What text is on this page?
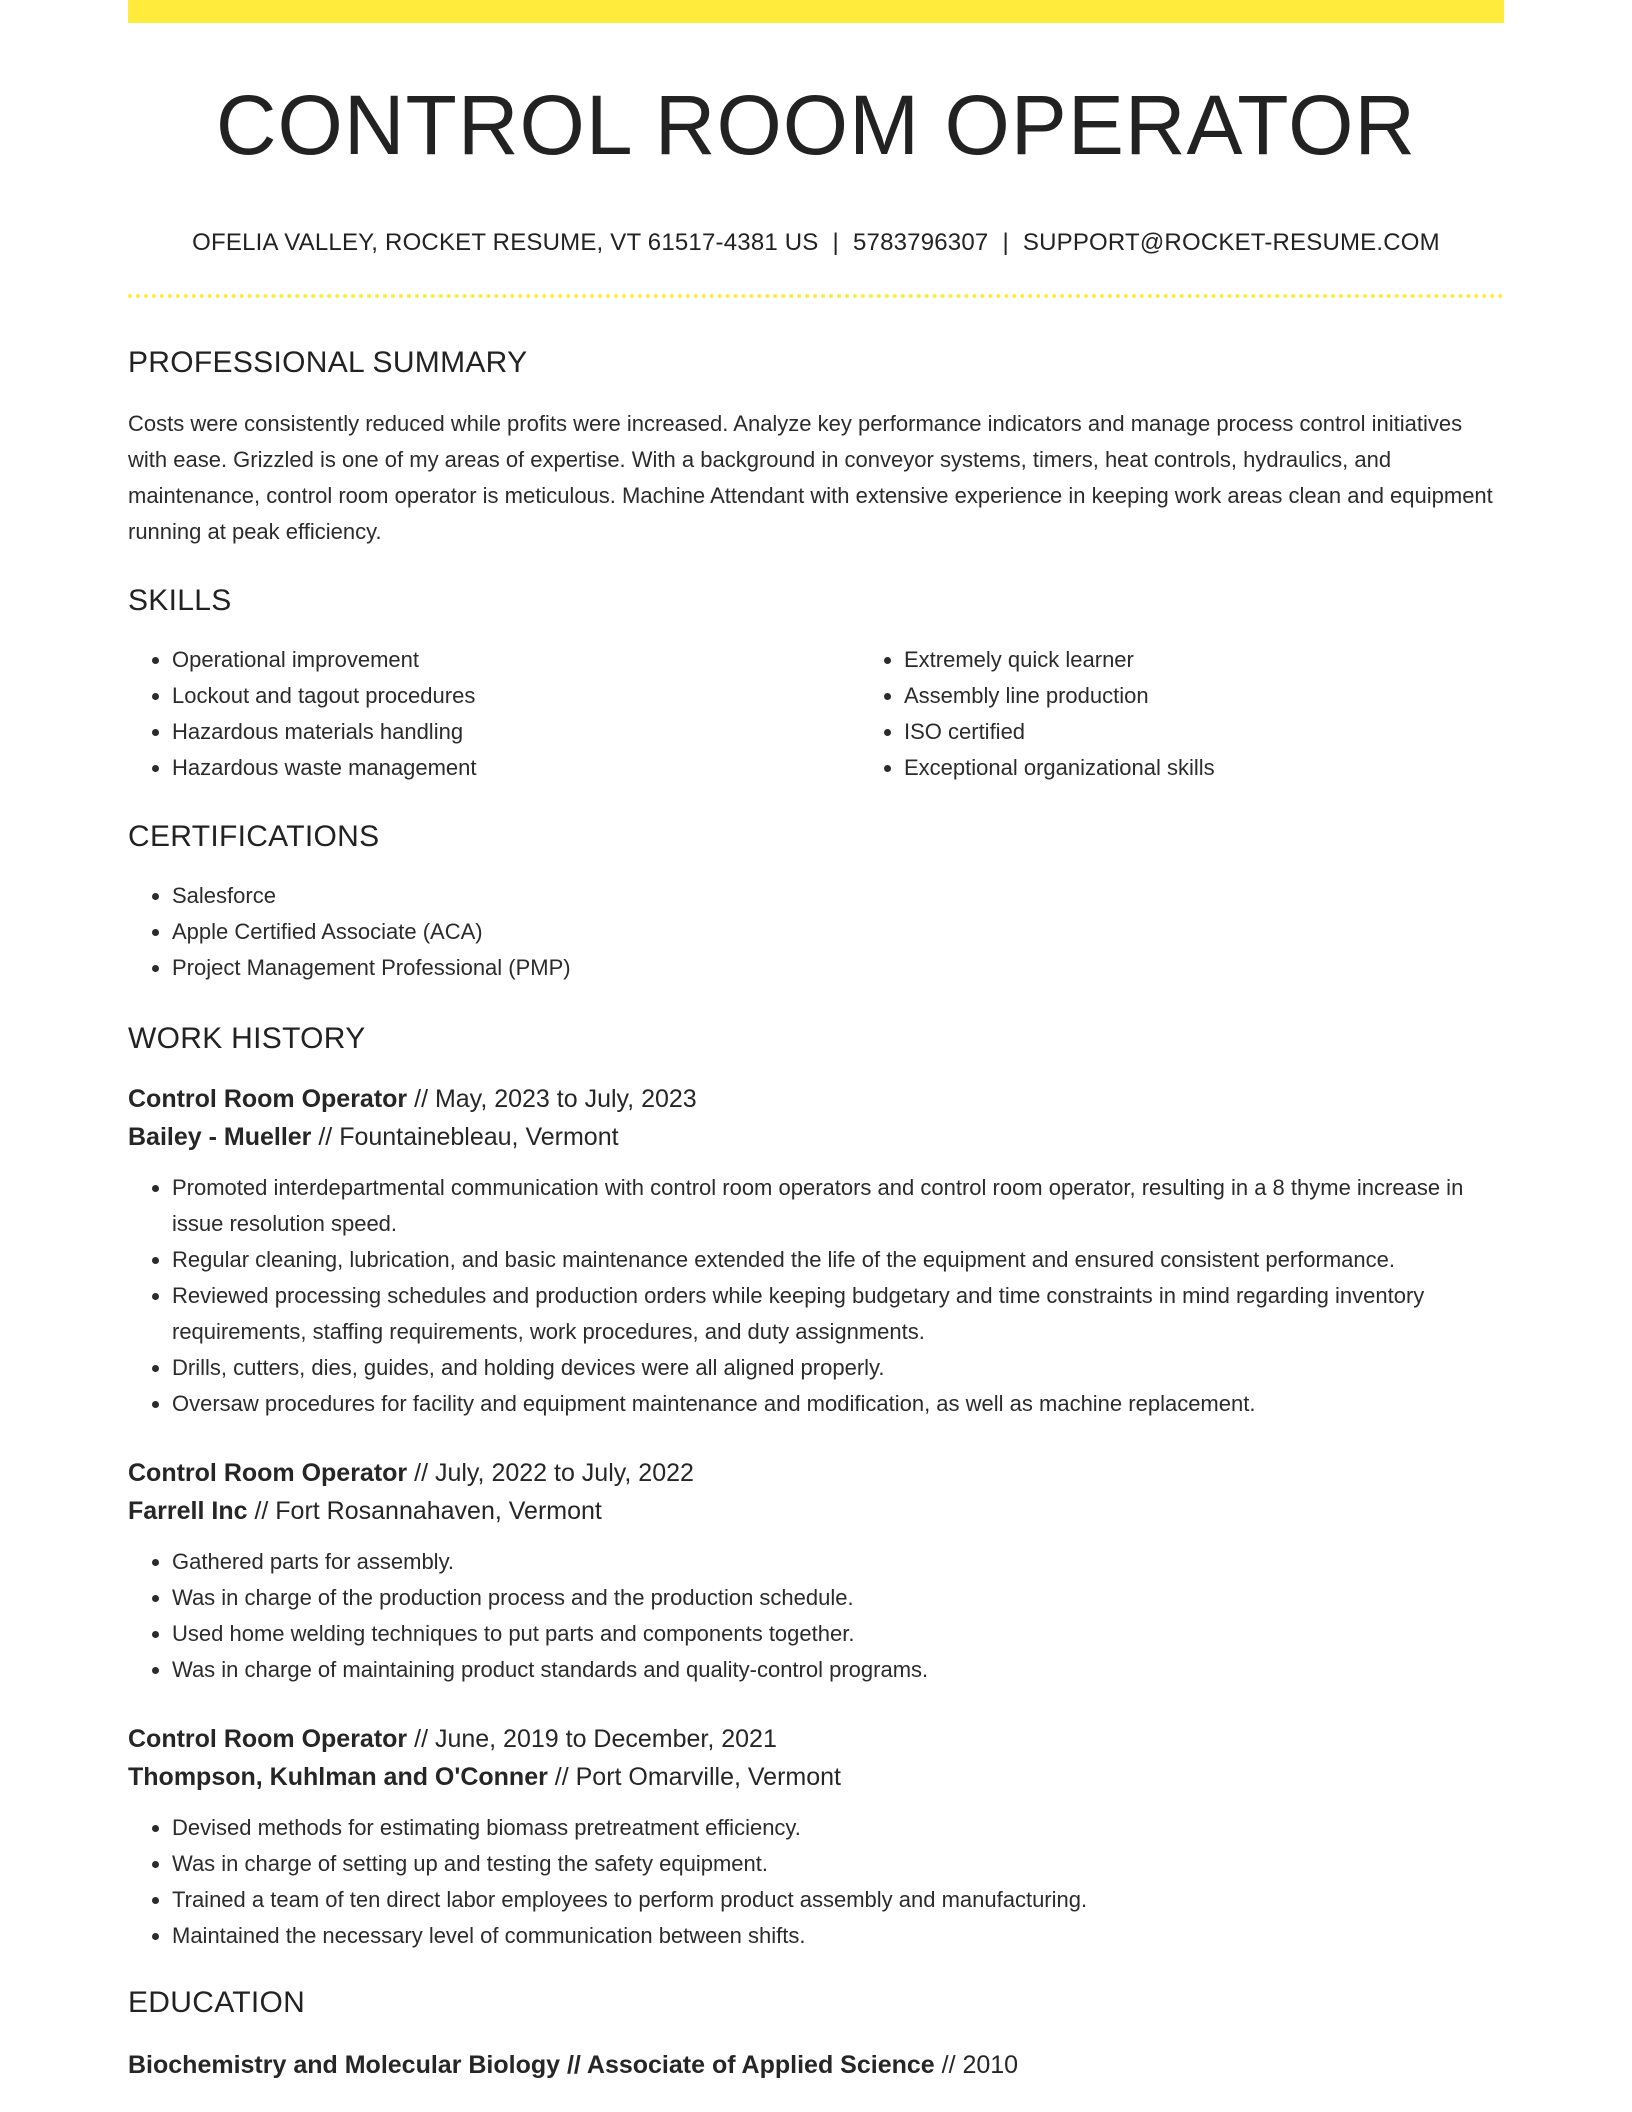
CONTROL ROOM OPERATOR
OFELIA VALLEY, ROCKET RESUME, VT 61517-4381 US | 5783796307 | SUPPORT@ROCKET-RESUME.COM
PROFESSIONAL SUMMARY
Costs were consistently reduced while profits were increased. Analyze key performance indicators and manage process control initiatives with ease. Grizzled is one of my areas of expertise. With a background in conveyor systems, timers, heat controls, hydraulics, and maintenance, control room operator is meticulous. Machine Attendant with extensive experience in keeping work areas clean and equipment running at peak efficiency.
SKILLS
• Operational improvement
• Lockout and tagout procedures
• Hazardous materials handling
• Hazardous waste management
• Extremely quick learner
• Assembly line production
• ISO certified
• Exceptional organizational skills
CERTIFICATIONS
• Salesforce
• Apple Certified Associate (ACA)
• Project Management Professional (PMP)
WORK HISTORY
Control Room Operator // May, 2023 to July, 2023
Bailey - Mueller // Fountainebleau, Vermont
• Promoted interdepartmental communication with control room operators and control room operator, resulting in a 8 thyme increase in issue resolution speed.
• Regular cleaning, lubrication, and basic maintenance extended the life of the equipment and ensured consistent performance.
• Reviewed processing schedules and production orders while keeping budgetary and time constraints in mind regarding inventory requirements, staffing requirements, work procedures, and duty assignments.
• Drills, cutters, dies, guides, and holding devices were all aligned properly.
• Oversaw procedures for facility and equipment maintenance and modification, as well as machine replacement.
Control Room Operator // July, 2022 to July, 2022
Farrell Inc // Fort Rosannahaven, Vermont
• Gathered parts for assembly.
• Was in charge of the production process and the production schedule.
• Used home welding techniques to put parts and components together.
• Was in charge of maintaining product standards and quality-control programs.
Control Room Operator // June, 2019 to December, 2021
Thompson, Kuhlman and O'Conner // Port Omarville, Vermont
• Devised methods for estimating biomass pretreatment efficiency.
• Was in charge of setting up and testing the safety equipment.
• Trained a team of ten direct labor employees to perform product assembly and manufacturing.
• Maintained the necessary level of communication between shifts.
EDUCATION
Biochemistry and Molecular Biology // Associate of Applied Science // 2010
